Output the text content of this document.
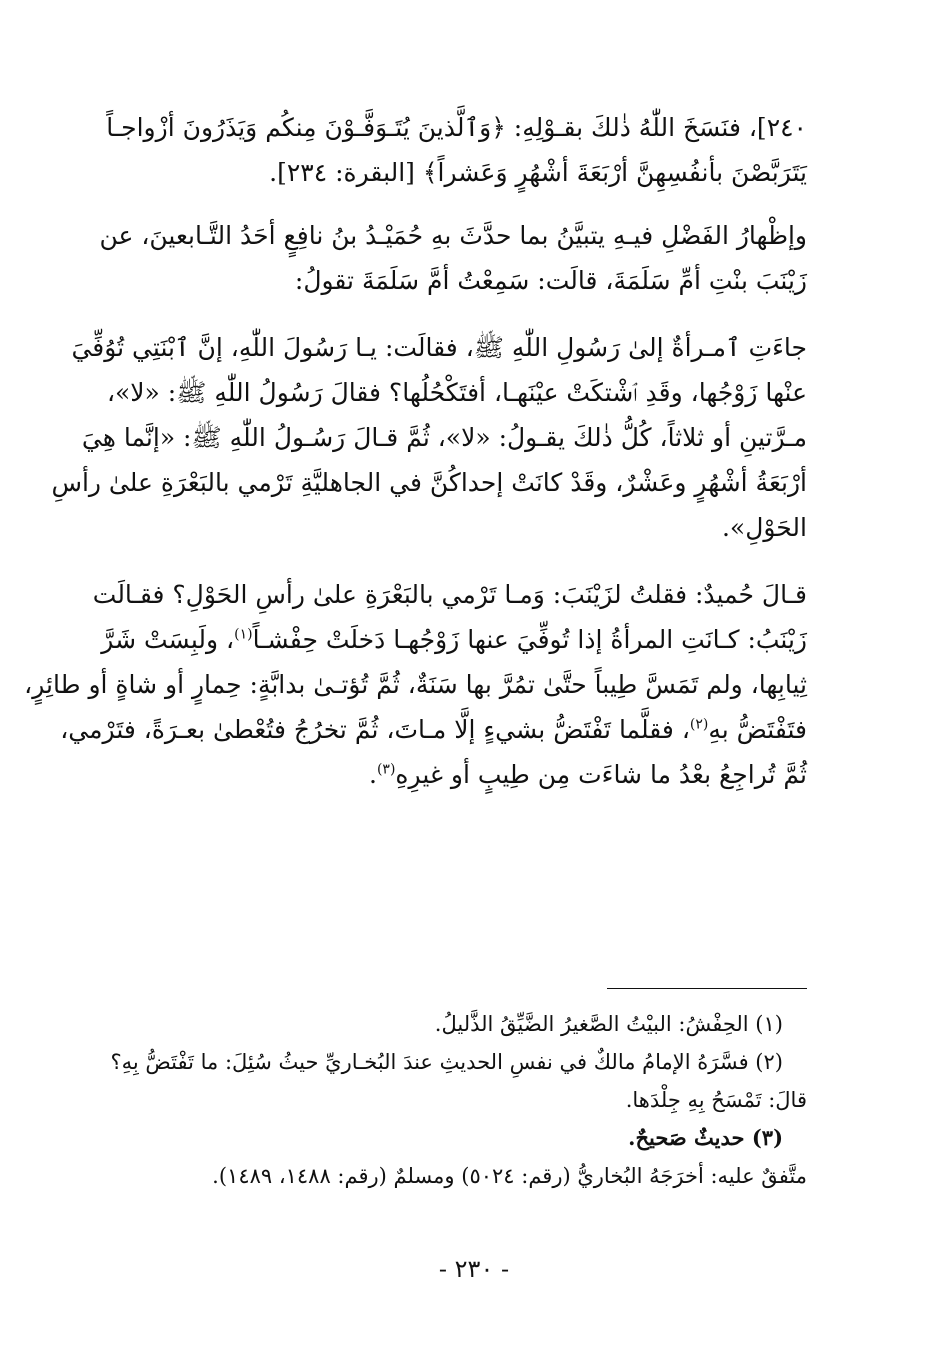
٢٤٠]، فنَسَخَ اللّٰهُ ذٰلكَ بقـوْلِهِ: ﴿وَٱلَّذينَ يُتَـوَفَّـوْنَ مِنكُم وَيَذَرُونَ أزْواجـاً
يَتَرَبَّصْنَ بأنفُسِهِنَّ أرْبَعَةَ أشْهُرٍ وَعَشراً﴾ [البقرة: ٢٣٤].
وإظْهارُ الفَضْلِ فيـهِ يتبيَّنُ بما حدَّثَ بهِ حُمَيْـدُ بنُ نافِعٍ أحَدُ التَّـابعينَ، عن
زَيْنَبَ بنْتِ أمِّ سَلَمَةَ، قالَت: سَمِعْتُ أمَّ سَلَمَةَ تقولُ:
جاءَتِ ٱمـرأةٌ إلىٰ رَسُولِ اللّٰهِ ﷺ، فقالَت: يـا رَسُولَ اللّٰهِ، إنَّ ٱبْنَتِي تُوُفِّيَ
عنْها زَوْجُها، وقَدِ ٱشْتكَتْ عيْنَهـا، أفتَكْحُلُها؟ فقالَ رَسُولُ اللّٰهِ ﷺ: «لا»،
مـرَّتينِ أو ثلاثاً، كُلُّ ذٰلكَ يقـولُ: «لا»، ثُمَّ قـالَ رَسُـولُ اللّٰهِ ﷺ: «إنَّما هِيَ
أرْبَعَةُ أشْهُرٍ وعَشْرٌ، وقَدْ كانَتْ إحداكُنَّ في الجاهليَّةِ تَرْمي بالبَعْرَةِ علىٰ رأسِ
الحَوْلِ».
قـالَ حُميدٌ: فقلتُ لزَيْنَبَ: وَمـا تَرْمي بالبَعْرَةِ علىٰ رأسِ الحَوْلِ؟ فقـالَت
زَيْنَبُ: كـانَتِ المرأةُ إذا تُوفِّيَ عنها زَوْجُهـا دَخلَتْ حِفْشـاً$^{(١)}$، ولَبِسَتْ شَرَّ
ثِيابِها، ولم تَمَسَّ طِيباً حتَّىٰ تمُرَّ بها سَنَةٌ، ثُمَّ تُؤتـىٰ بدابَّةٍ: حِمارٍ أو شاةٍ أو طائِرٍ،
فتَفْتَضُّ بهِ$^{(٢)}$، فقلَّما تَفْتَضُّ بشيءٍ إلَّا مـاتَ، ثُمَّ تخرُجُ فتُعْطىٰ بعـرَةً، فتَرْمي،
ثُمَّ تُراجِعُ بعْدُ ما شاءَت مِن طِيبٍ أو غيرِهِ$^{(٣)}$.
(١) الحِفْشُ: البيْتُ الصَّغيرُ الضَّيِّقُ الذَّليلُ.
(٢) فسَّرَهُ الإمامُ مالكٌ في نفسِ الحديثِ عندَ البُخـاريِّ حيثُ سُئِلَ: ما تَفْتَضُّ بِهِ؟
قالَ: تَمْسَحُ بِهِ جِلْدَها.
(٣) حديثٌ صَحيحٌ.
متَّفقٌ عليه: أخرَجَهُ البُخاريُّ (رقم: ٥٠٢٤) ومسلمٌ (رقم: ١٤٨٨، ١٤٨٩).
- ٢٣٠ -
